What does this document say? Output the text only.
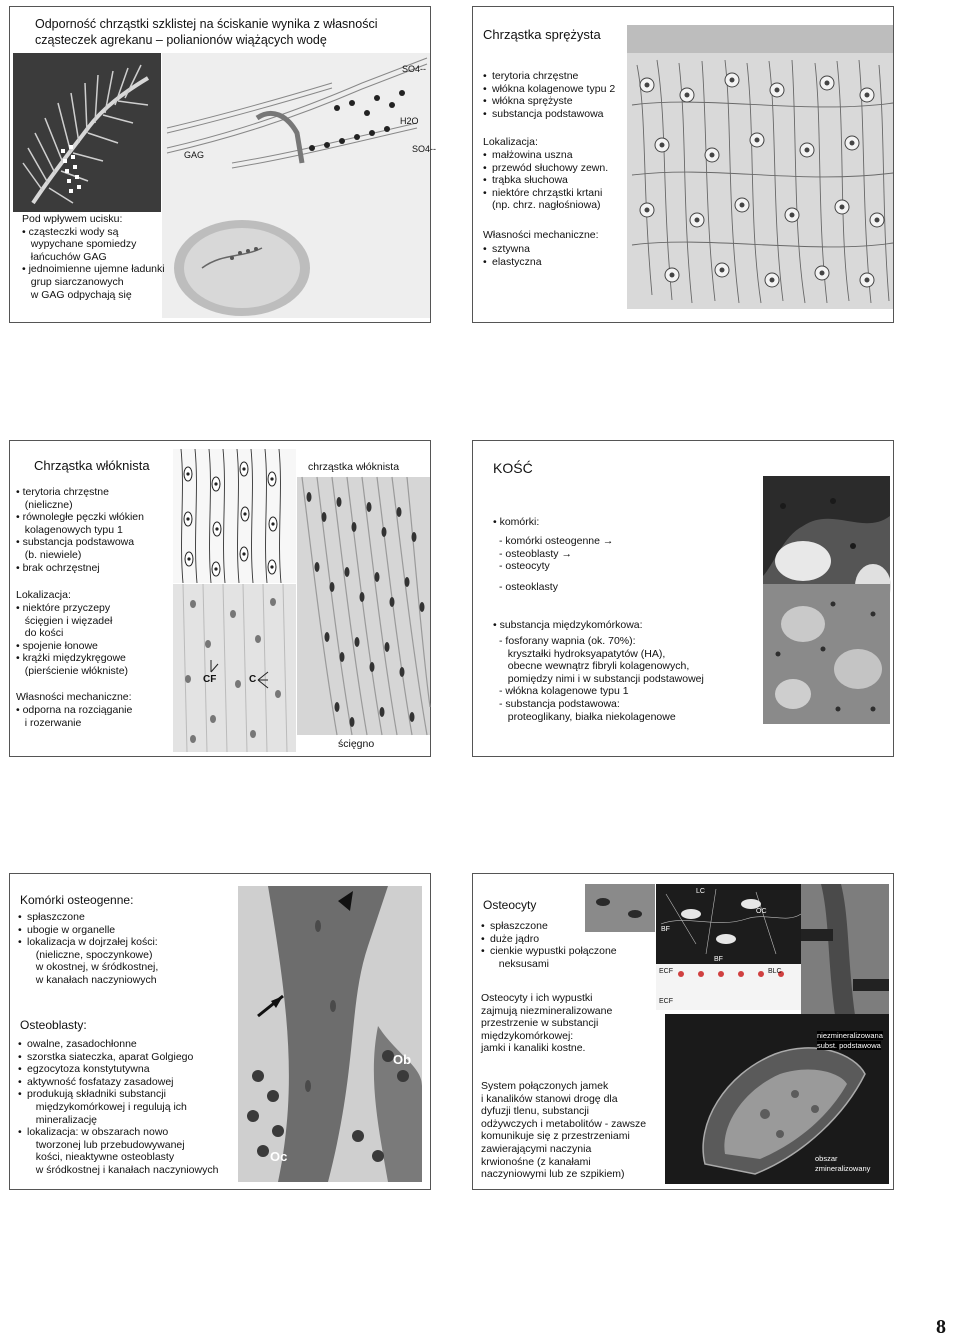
Odporność chrząstki szklistej na ściskanie wynika z własności
cząsteczek agrekanu – polianionów wiążących wodę
SO4--
H2O
SO4--
GAG
Pod wpływem ucisku:
• cząsteczki wody są
wypychane spomiedzy
łańcuchów GAG
• jednoimienne ujemne ładunki
grup siarczanowych
w GAG odpychają się
Chrząstka sprężysta
• terytoria chrzęstne
• włókna kolagenowe typu 2
• włókna sprężyste
• substancja podstawowa
Lokalizacja:
• małżowina uszna
• przewód słuchowy zewn.
• trąbka słuchowa
• niektóre chrząstki krtani
(np. chrz. nagłośniowa)
Własności mechaniczne:
• sztywna
• elastyczna
Chrząstka włóknista
• terytoria chrzęstne
(nieliczne)
• równoległe pęczki włókien
kolagenowych typu 1
• substancja podstawowa
(b. niewiele)
• brak ochrzęstnej
Lokalizacja:
• niektóre przyczepy
ścięgien i więzadeł
do kości
• spojenie łonowe
• krążki międzykręgowe
(pierścienie włókniste)
Własności mechaniczne:
• odporna na rozciąganie
i rozerwanie
CF	C
chrząstka włóknista
ścięgno
KOŚĆ
• komórki:
- komórki osteogenne →
- osteoblasty →
- osteocyty
- osteoklasty
• substancja międzykomórkowa:
- fosforany wapnia (ok. 70%):
kryształki hydroksyapatytów (HA),
obecne wewnątrz fibryli kolagenowych,
pomiędzy nimi i w substancji podstawowej
- włókna kolagenowe typu 1
- substancja podstawowa:
proteoglikany, białka niekolagenowe
Komórki osteogenne:
• spłaszczone
• ubogie w organelle
• lokalizacja w dojrzałej kości:
(nieliczne, spoczynkowe)
w okostnej, w śródkostnej,
w kanałach naczyniowych
Osteoblasty:
• owalne, zasadochłonne
• szorstka siateczka, aparat Golgiego
• egzocytoza konstytutywna
• aktywność fosfatazy zasadowej
• produkują składniki substancji
międzykomórkowej i regulują ich
mineralizację
• lokalizacja: w obszarach nowo
tworzonej lub przebudowywanej
kości, nieaktywne osteoblasty
w śródkostnej i kanałach naczyniowych
Ob
Oc
Osteocyty
• spłaszczone
• duże jądro
• cienkie wypustki połączone
neksusami
Osteocyty i ich wypustki
zajmują niezmineralizowane
przestrzenie w substancji
międzykomórkowej:
jamki i kanaliki kostne.
System połączonych jamek
i kanalików stanowi drogę dla
dyfuzji tlenu, substancji
odżywczych i metabolitów - zawsze
komunikuje się z przestrzeniami
zawierającymi naczynia
krwionośne (z kanałami
naczyniowymi lub ze szpikiem)
OC
BF
BF
LC
ECF
ECF
BLC
niezmineralizowana
subst. podstawowa
obszar
zmineralizowany
8
